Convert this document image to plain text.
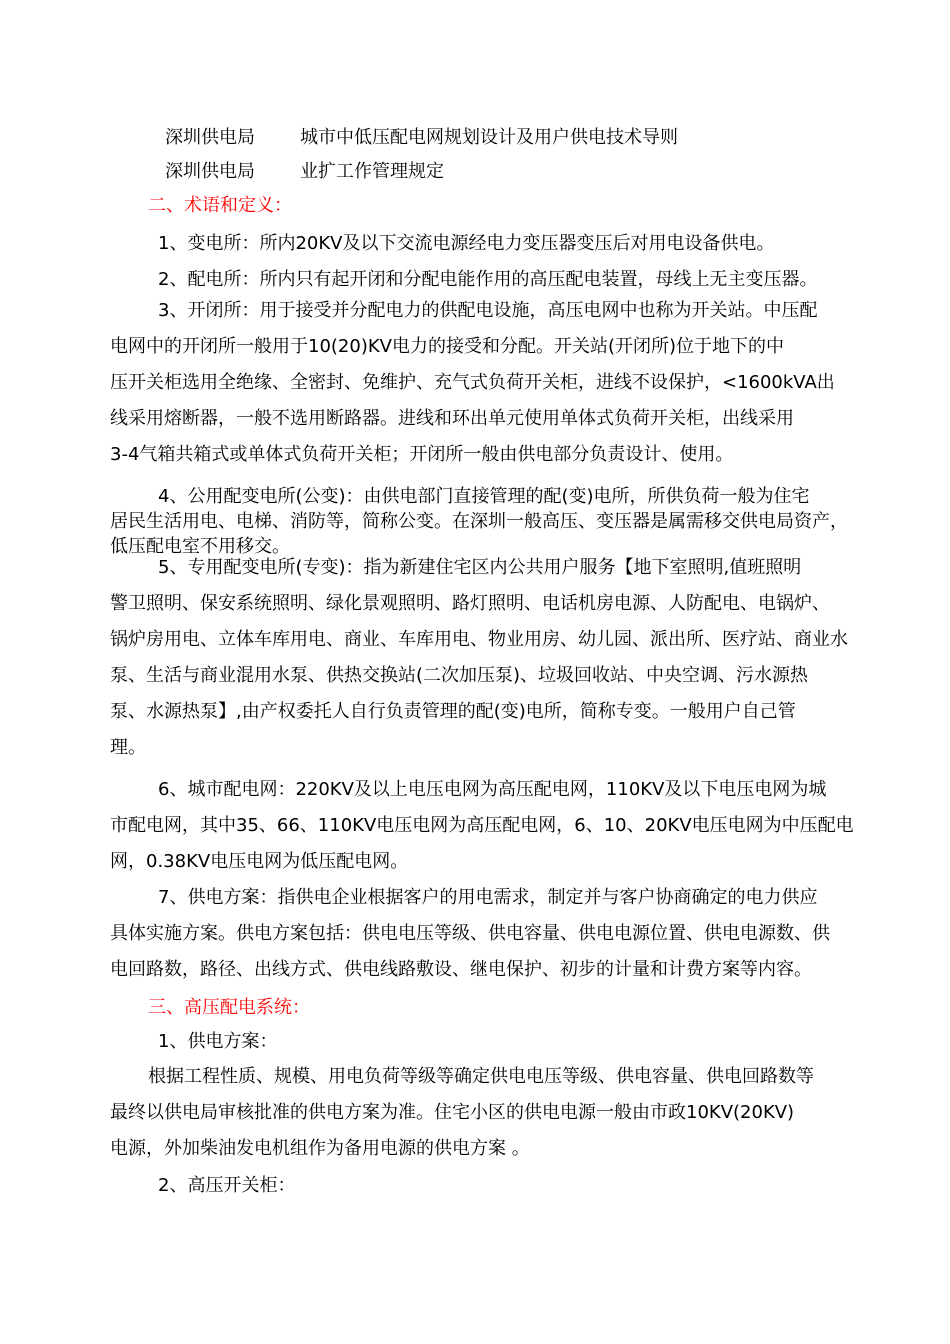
深圳供电局	城市中低压配电网规划设计及用户供电技术导则
深圳供电局	业扩工作管理规定
二、术语和定义：
1、变电所：所内20KV及以下交流电源经电力变压器变压后对用电设备供电。
2、配电所：所内只有起开闭和分配电能作用的高压配电装置，母线上无主变压器。
3、开闭所：用于接受并分配电力的供配电设施，高压电网中也称为开关站。中压配
电网中的开闭所一般用于10(20)KV电力的接受和分配。开关站(开闭所)位于地下的中
压开关柜选用全绝缘、全密封、免维护、充气式负荷开关柜，进线不设保护，<1600kVA出
线采用熔断器，一般不选用断路器。进线和环出单元使用单体式负荷开关柜，出线采用
3-4气箱共箱式或单体式负荷开关柜；开闭所一般由供电部分负责设计、使用。
4、公用配变电所(公变)：由供电部门直接管理的配(变)电所，所供负荷一般为住宅
居民生活用电、电梯、消防等，简称公变。在深圳一般高压、变压器是属需移交供电局资产，
低压配电室不用移交。
5、专用配变电所(专变)：指为新建住宅区内公共用户服务【地下室照明,值班照明
警卫照明、保安系统照明、绿化景观照明、路灯照明、电话机房电源、人防配电、电锅炉、
锅炉房用电、立体车库用电、商业、车库用电、物业用房、幼儿园、派出所、医疗站、商业水
泵、生活与商业混用水泵、供热交换站(二次加压泵)、垃圾回收站、中央空调、污水源热
泵、水源热泵】,由产权委托人自行负责管理的配(变)电所，简称专变。一般用户自己管
理。
6、城市配电网：220KV及以上电压电网为高压配电网，110KV及以下电压电网为城
市配电网，其中35、66、110KV电压电网为高压配电网，6、10、20KV电压电网为中压配电
网，0.38KV电压电网为低压配电网。
7、供电方案：指供电企业根据客户的用电需求，制定并与客户协商确定的电力供应
具体实施方案。供电方案包括：供电电压等级、供电容量、供电电源位置、供电电源数、供
电回路数，路径、出线方式、供电线路敷设、继电保护、初步的计量和计费方案等内容。
三、高压配电系统：
1、供电方案：
根据工程性质、规模、用电负荷等级等确定供电电压等级、供电容量、供电回路数等
最终以供电局审核批准的供电方案为准。住宅小区的供电电源一般由市政10KV(20KV)
电源，外加柴油发电机组作为备用电源的供电方案 。
2、高压开关柜：
